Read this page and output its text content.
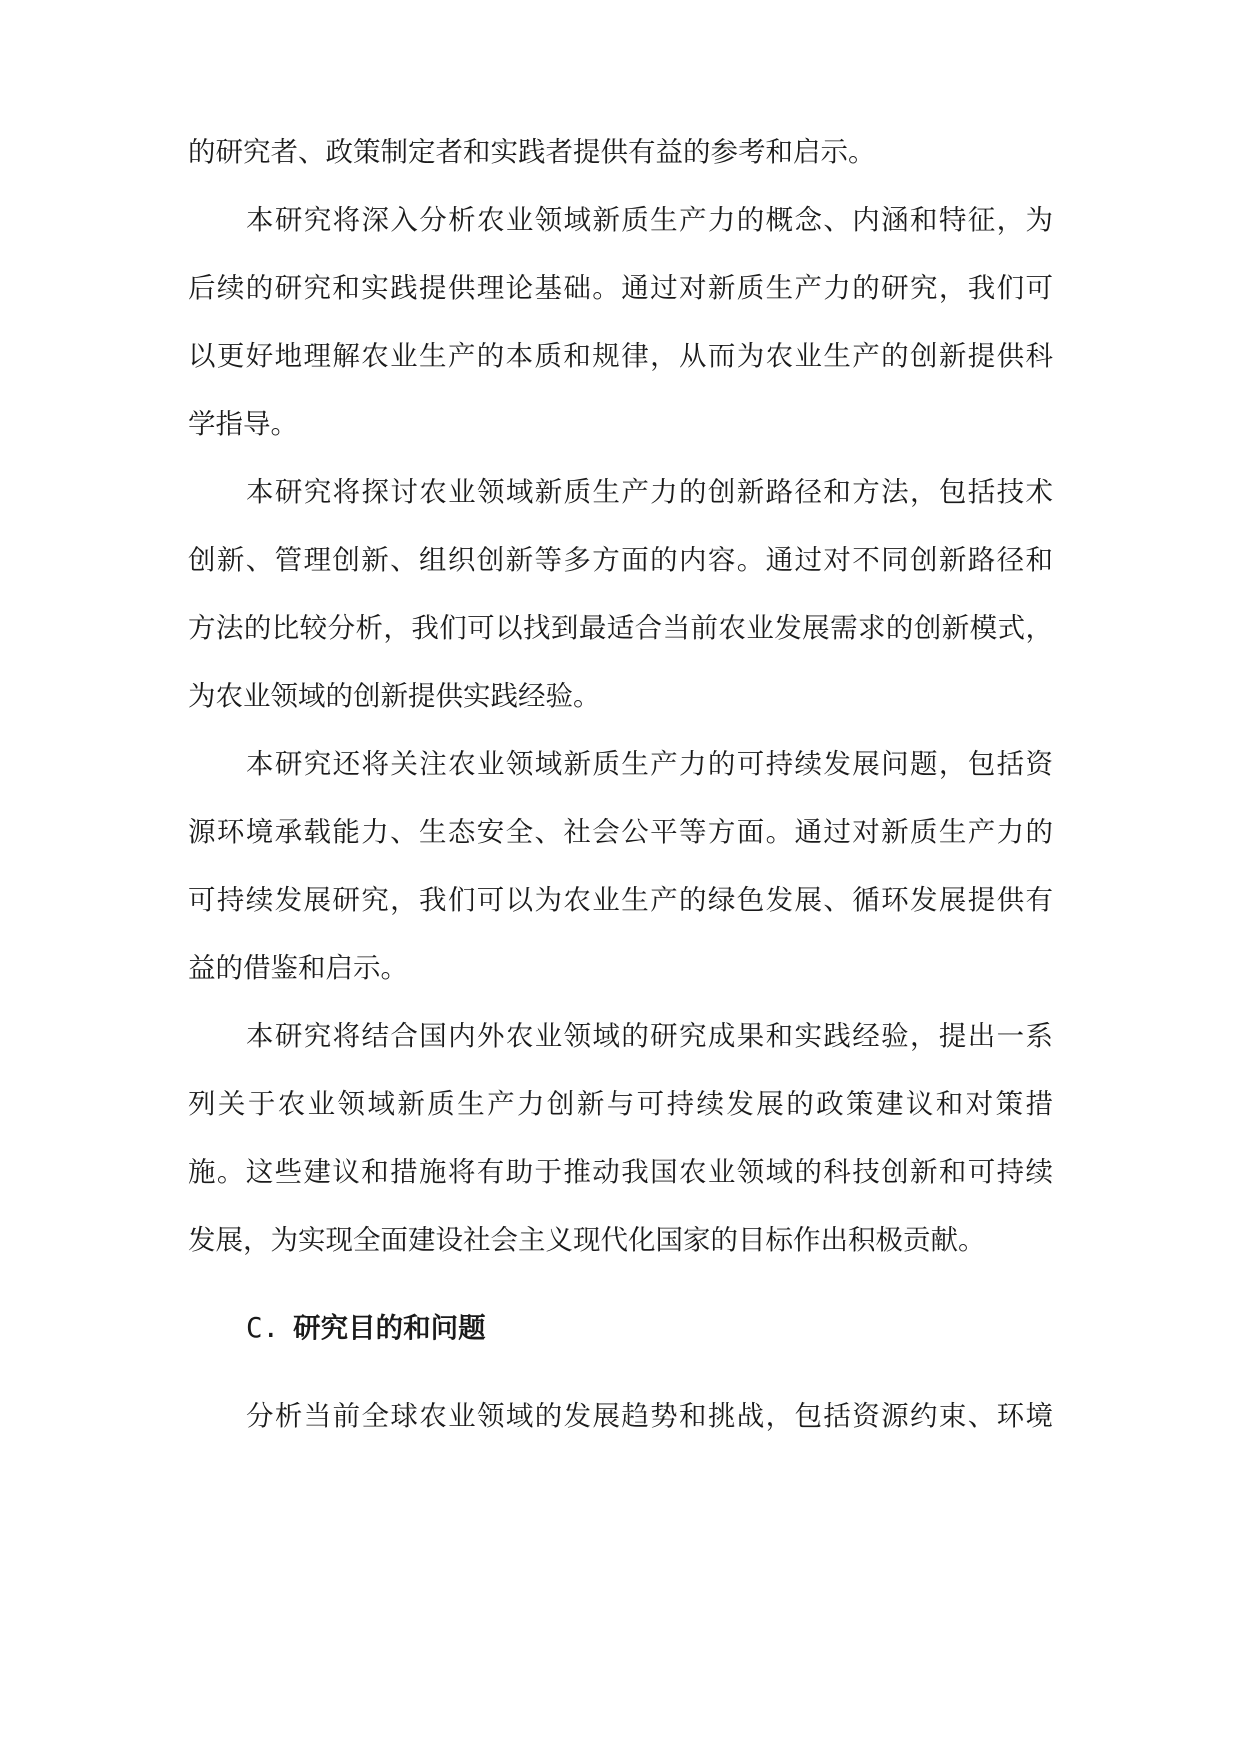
的研究者、政策制定者和实践者提供有益的参考和启示。
本研究将深入分析农业领域新质生产力的概念、内涵和特征，为
后续的研究和实践提供理论基础。通过对新质生产力的研究，我们可
以更好地理解农业生产的本质和规律，从而为农业生产的创新提供科
学指导。
本研究将探讨农业领域新质生产力的创新路径和方法，包括技术
创新、管理创新、组织创新等多方面的内容。通过对不同创新路径和
方法的比较分析，我们可以找到最适合当前农业发展需求的创新模式，
为农业领域的创新提供实践经验。
本研究还将关注农业领域新质生产力的可持续发展问题，包括资
源环境承载能力、生态安全、社会公平等方面。通过对新质生产力的
可持续发展研究，我们可以为农业生产的绿色发展、循环发展提供有
益的借鉴和启示。
本研究将结合国内外农业领域的研究成果和实践经验，提出一系
列关于农业领域新质生产力创新与可持续发展的政策建议和对策措
施。这些建议和措施将有助于推动我国农业领域的科技创新和可持续
发展，为实现全面建设社会主义现代化国家的目标作出积极贡献。
C. 研究目的和问题
分析当前全球农业领域的发展趋势和挑战，包括资源约束、环境
